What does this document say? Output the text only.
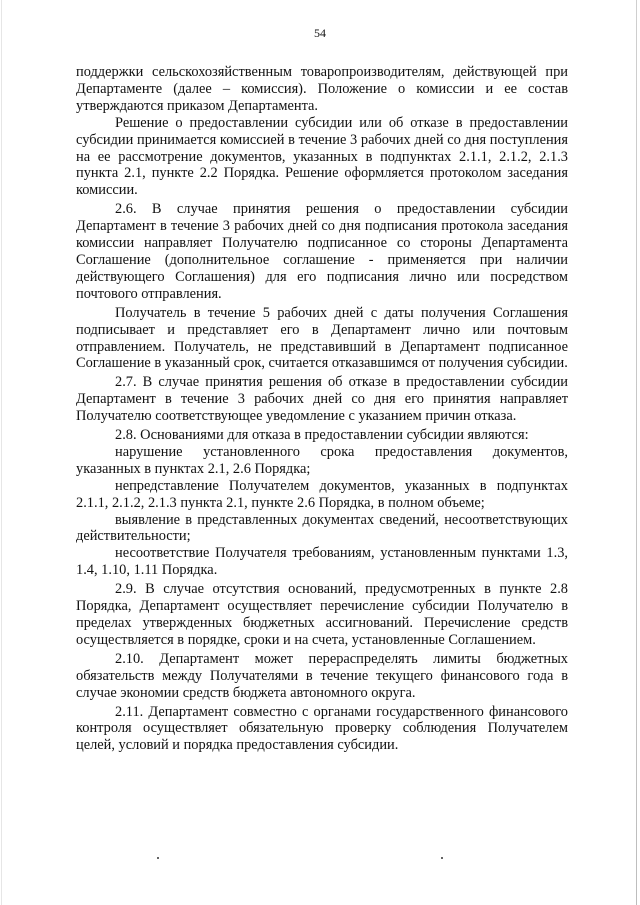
54

поддержки сельскохозяйственным товаропроизводителям, действующей при Департаменте (далее – комиссия). Положение о комиссии и ее состав утверждаются приказом Департамента.

Решение о предоставлении субсидии или об отказе в предоставлении субсидии принимается комиссией в течение 3 рабочих дней со дня поступления на ее рассмотрение документов, указанных в подпунктах 2.1.1, 2.1.2, 2.1.3 пункта 2.1, пункте 2.2 Порядка. Решение оформляется протоколом заседания комиссии.

2.6. В случае принятия решения о предоставлении субсидии Департамент в течение 3 рабочих дней со дня подписания протокола заседания комиссии направляет Получателю подписанное со стороны Департамента Соглашение (дополнительное соглашение - применяется при наличии действующего Соглашения) для его подписания лично или посредством почтового отправления.

Получатель в течение 5 рабочих дней с даты получения Соглашения подписывает и представляет его в Департамент лично или почтовым отправлением. Получатель, не представивший в Департамент подписанное Соглашение в указанный срок, считается отказавшимся от получения субсидии.

2.7. В случае принятия решения об отказе в предоставлении субсидии Департамент в течение 3 рабочих дней со дня его принятия направляет Получателю соответствующее уведомление с указанием причин отказа.

2.8. Основаниями для отказа в предоставлении субсидии являются:

нарушение установленного срока предоставления документов, указанных в пунктах 2.1, 2.6 Порядка;

непредставление Получателем документов, указанных в подпунктах 2.1.1, 2.1.2, 2.1.3 пункта 2.1, пункте 2.6 Порядка, в полном объеме;

выявление в представленных документах сведений, несоответствующих действительности;

несоответствие Получателя требованиям, установленным пунктами 1.3, 1.4, 1.10, 1.11 Порядка.

2.9. В случае отсутствия оснований, предусмотренных в пункте 2.8 Порядка, Департамент осуществляет перечисление субсидии Получателю в пределах утвержденных бюджетных ассигнований. Перечисление средств осуществляется в порядке, сроки и на счета, установленные Соглашением.

2.10. Департамент может перераспределять лимиты бюджетных обязательств между Получателями в течение текущего финансового года в случае экономии средств бюджета автономного округа.

2.11. Департамент совместно с органами государственного финансового контроля осуществляет обязательную проверку соблюдения Получателем целей, условий и порядка предоставления субсидии.
